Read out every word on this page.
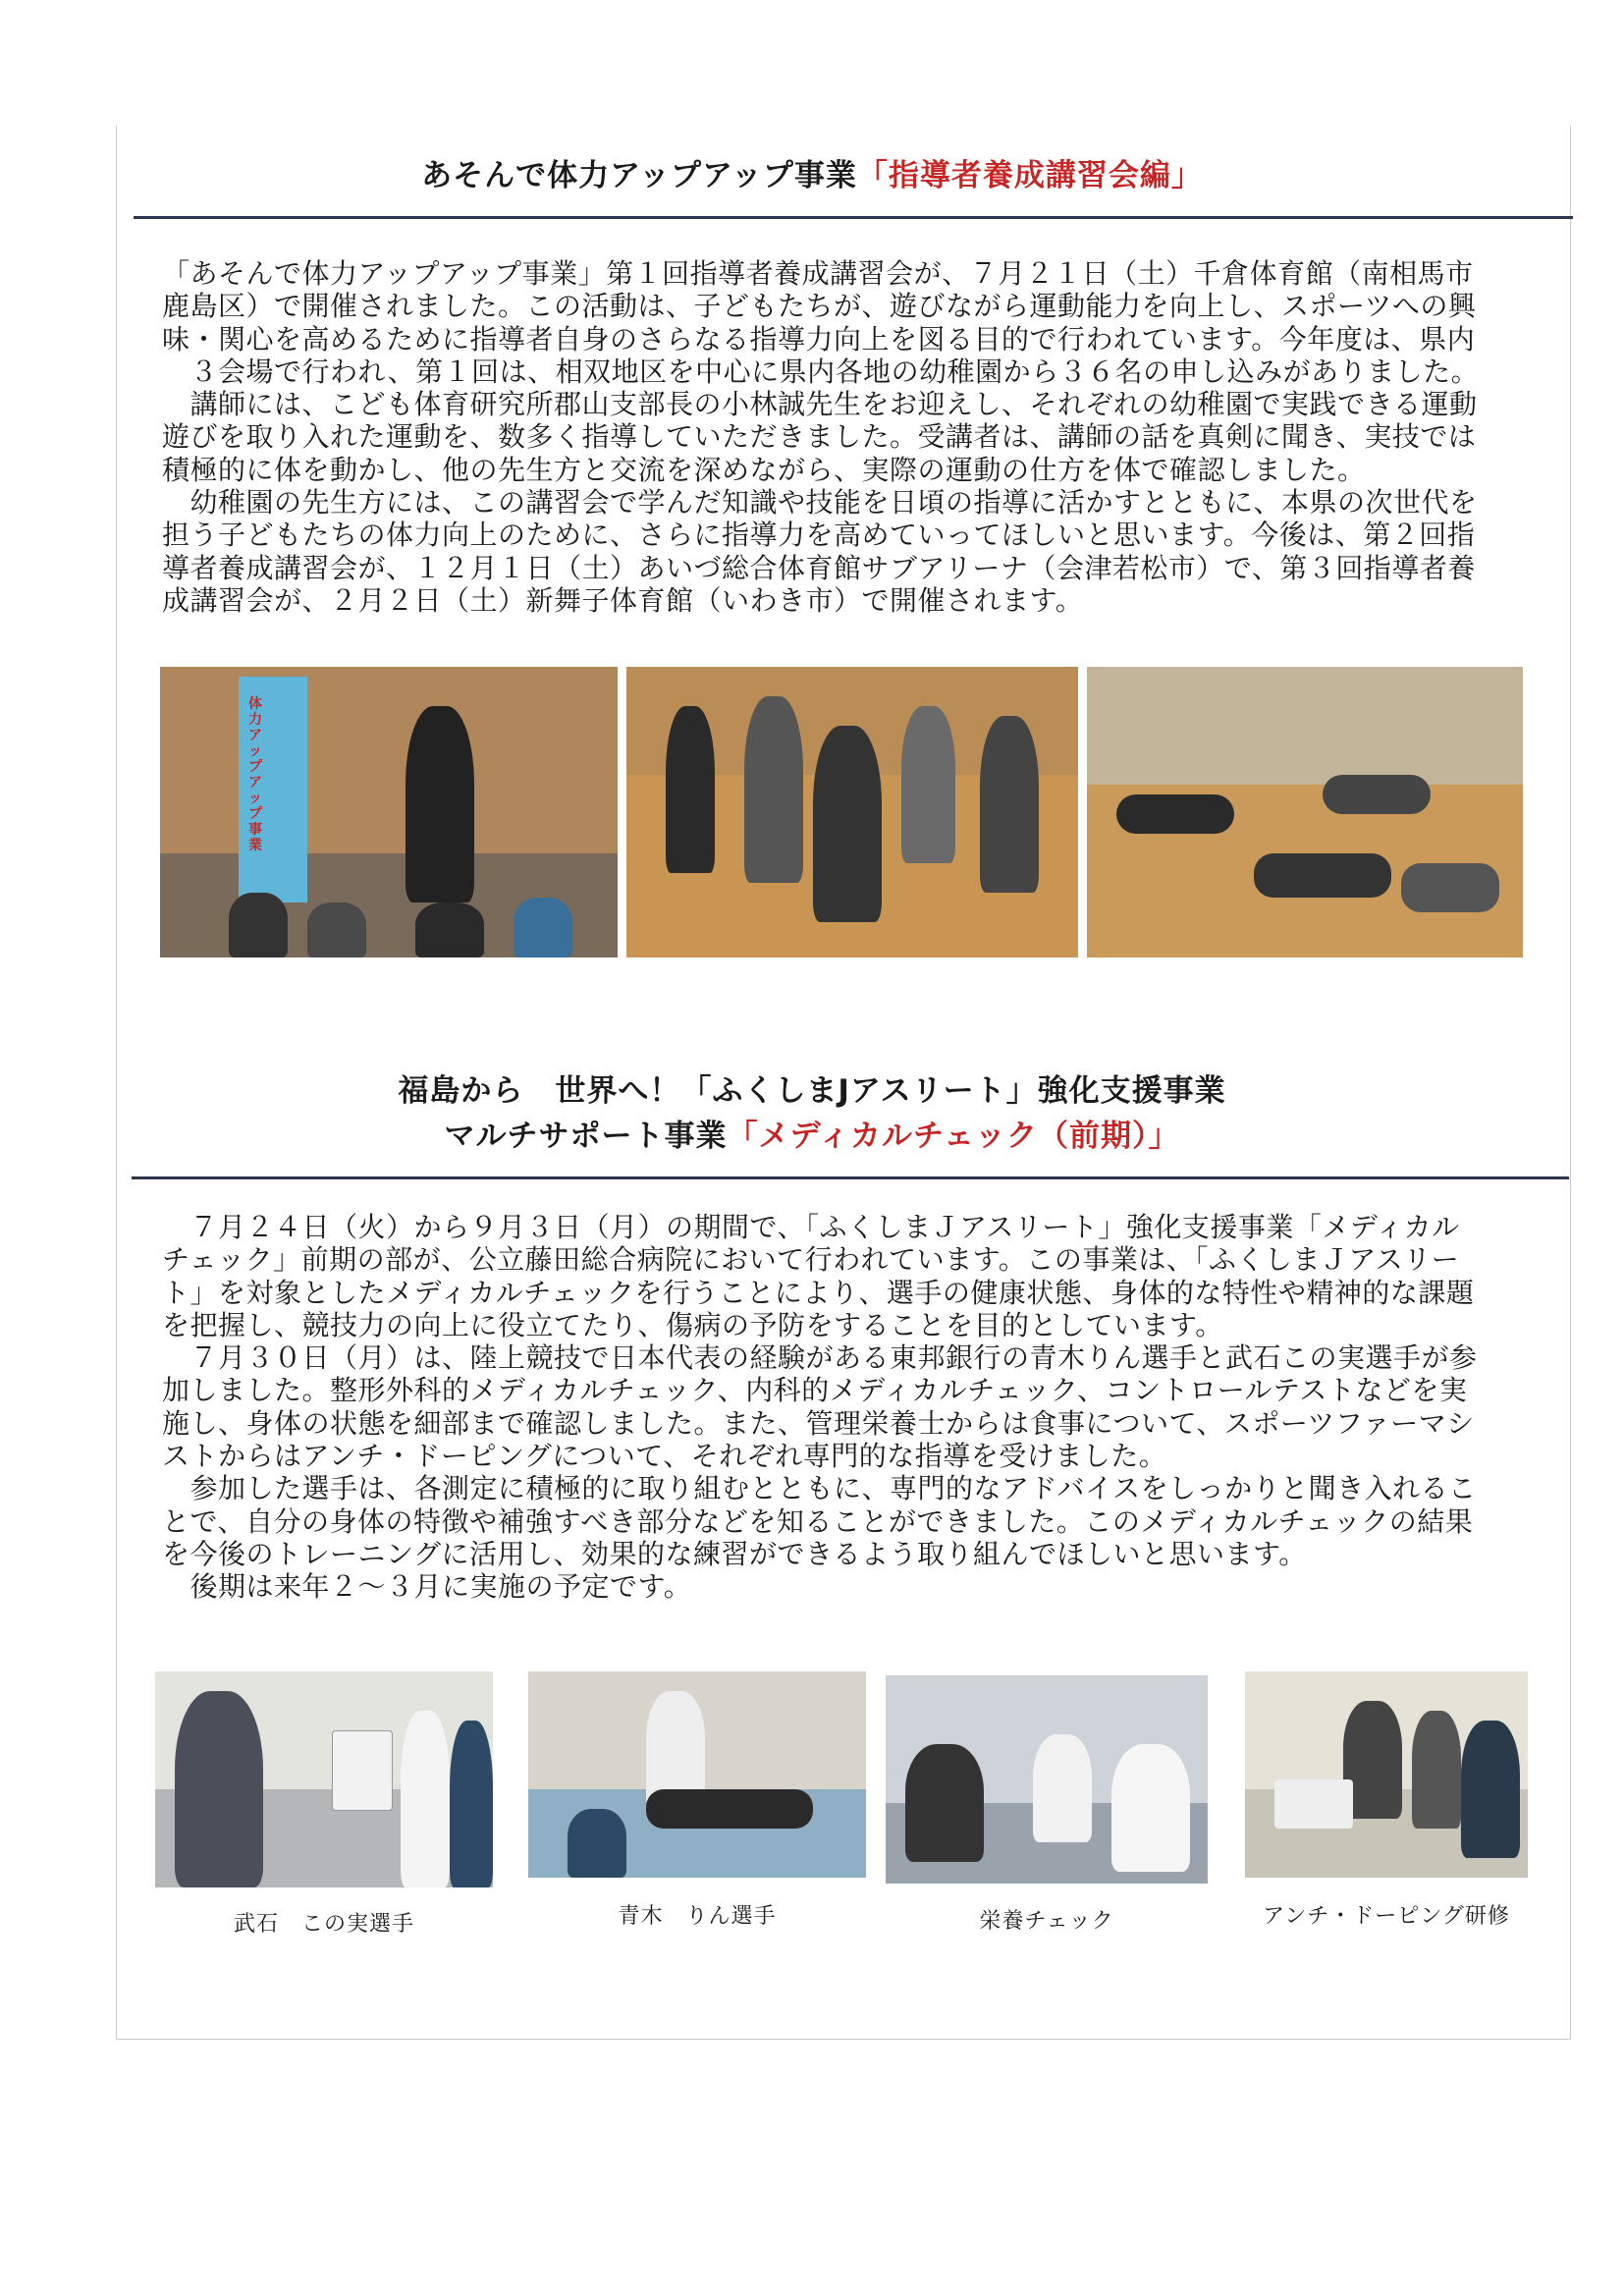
あそんで体力アップアップ事業「指導者養成講習会編」

「あそんで体力アップアップ事業」第１回指導者養成講習会が、７月２１日（土）千倉体育館（南相馬市

鹿島区）で開催されました。この活動は、子どもたちが、遊びながら運動能力を向上し、スポーツへの興

味・関心を高めるために指導者自身のさらなる指導力向上を図る目的で行われています。今年度は、県内

　３会場で行われ、第１回は、相双地区を中心に県内各地の幼稚園から３６名の申し込みがありました。

　講師には、こども体育研究所郡山支部長の小林誠先生をお迎えし、それぞれの幼稚園で実践できる運動

遊びを取り入れた運動を、数多く指導していただきました。受講者は、講師の話を真剣に聞き、実技では

積極的に体を動かし、他の先生方と交流を深めながら、実際の運動の仕方を体で確認しました。

　幼稚園の先生方には、この講習会で学んだ知識や技能を日頃の指導に活かすとともに、本県の次世代を

担う子どもたちの体力向上のために、さらに指導力を高めていってほしいと思います。今後は、第２回指

導者養成講習会が、１２月１日（土）あいづ総合体育館サブアリーナ（会津若松市）で、第３回指導者養

成講習会が、２月２日（土）新舞子体育館（いわき市）で開催されます。

体力アップアップ事業
福島から　世界へ！「ふくしまJアスリート」強化支援事業
マルチサポート事業「メディカルチェック（前期）」

　７月２４日（火）から９月３日（月）の期間で、「ふくしまＪアスリート」強化支援事業「メディカル

チェック」前期の部が、公立藤田総合病院において行われています。この事業は、「ふくしまＪアスリー

ト」を対象としたメディカルチェックを行うことにより、選手の健康状態、身体的な特性や精神的な課題

を把握し、競技力の向上に役立てたり、傷病の予防をすることを目的としています。

　７月３０日（月）は、陸上競技で日本代表の経験がある東邦銀行の青木りん選手と武石この実選手が参

加しました。整形外科的メディカルチェック、内科的メディカルチェック、コントロールテストなどを実

施し、身体の状態を細部まで確認しました。また、管理栄養士からは食事について、スポーツファーマシ

ストからはアンチ・ドーピングについて、それぞれ専門的な指導を受けました。

　参加した選手は、各測定に積極的に取り組むとともに、専門的なアドバイスをしっかりと聞き入れるこ

とで、自分の身体の特徴や補強すべき部分などを知ることができました。このメディカルチェックの結果

を今後のトレーニングに活用し、効果的な練習ができるよう取り組んでほしいと思います。

　後期は来年２～３月に実施の予定です。

武石　この実選手	青木　りん選手	栄養チェック	アンチ・ドーピング研修
